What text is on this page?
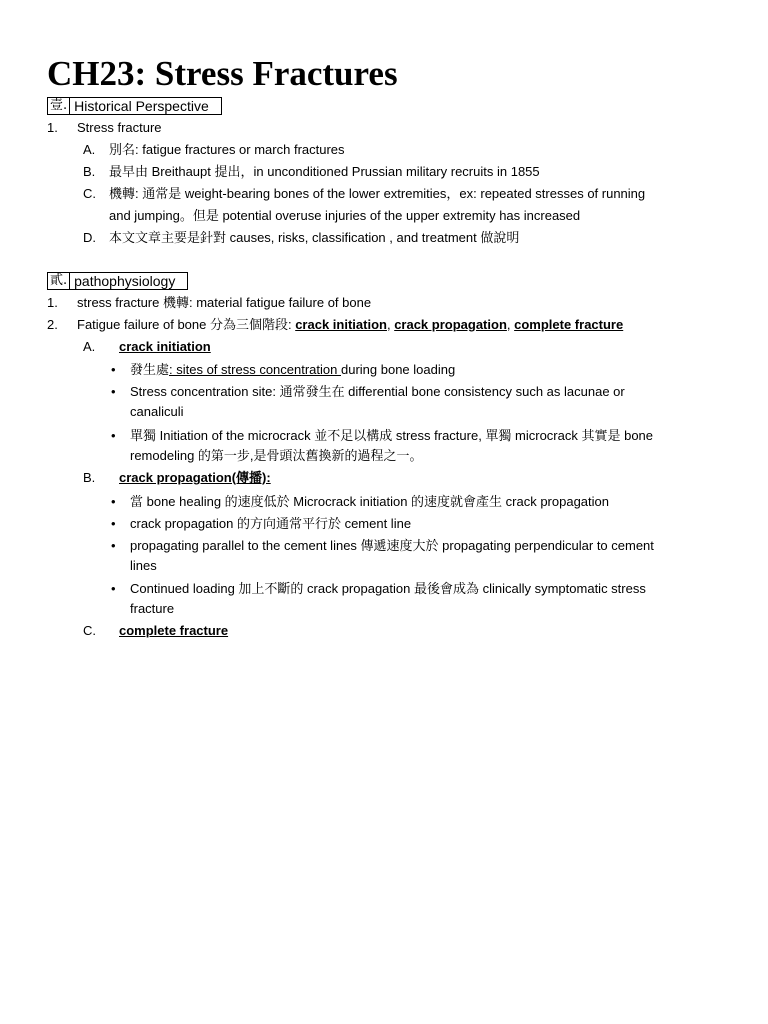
CH23: Stress Fractures
壹. Historical Perspective
1. Stress fracture
A. 別名: fatigue fractures or march fractures
B. 最早由 Breithaupt 提出，in unconditioned Prussian military recruits in 1855
C. 機轉: 通常是 weight-bearing bones of the lower extremities，ex: repeated stresses of running
and jumping。但是 potential overuse injuries of the upper extremity has increased
D. 本文文章主要是針對 causes, risks, classification , and treatment 做說明
貳. pathophysiology
1. stress fracture 機轉: material fatigue failure of bone
2. Fatigue failure of bone 分為三個階段: crack initiation, crack propagation, complete fracture
A. crack initiation
• 發生處: sites of stress concentration during bone loading
• Stress concentration site: 通常發生在 differential bone consistency such as lacunae or
canaliculi
• 單獨 Initiation of the microcrack 並不足以構成 stress fracture, 單獨 microcrack 其實是 bone
remodeling 的第一步,是骨頭汰舊換新的過程之一。
B. crack propagation(傳播):
• 當 bone healing 的速度低於 Microcrack initiation 的速度就會產生 crack propagation
• crack propagation 的方向通常平行於 cement line
• propagating parallel to the cement lines 傳遞速度大於 propagating perpendicular to cement
lines
• Continued loading 加上不斷的 crack propagation 最後會成為 clinically symptomatic stress
fracture
C. complete fracture
